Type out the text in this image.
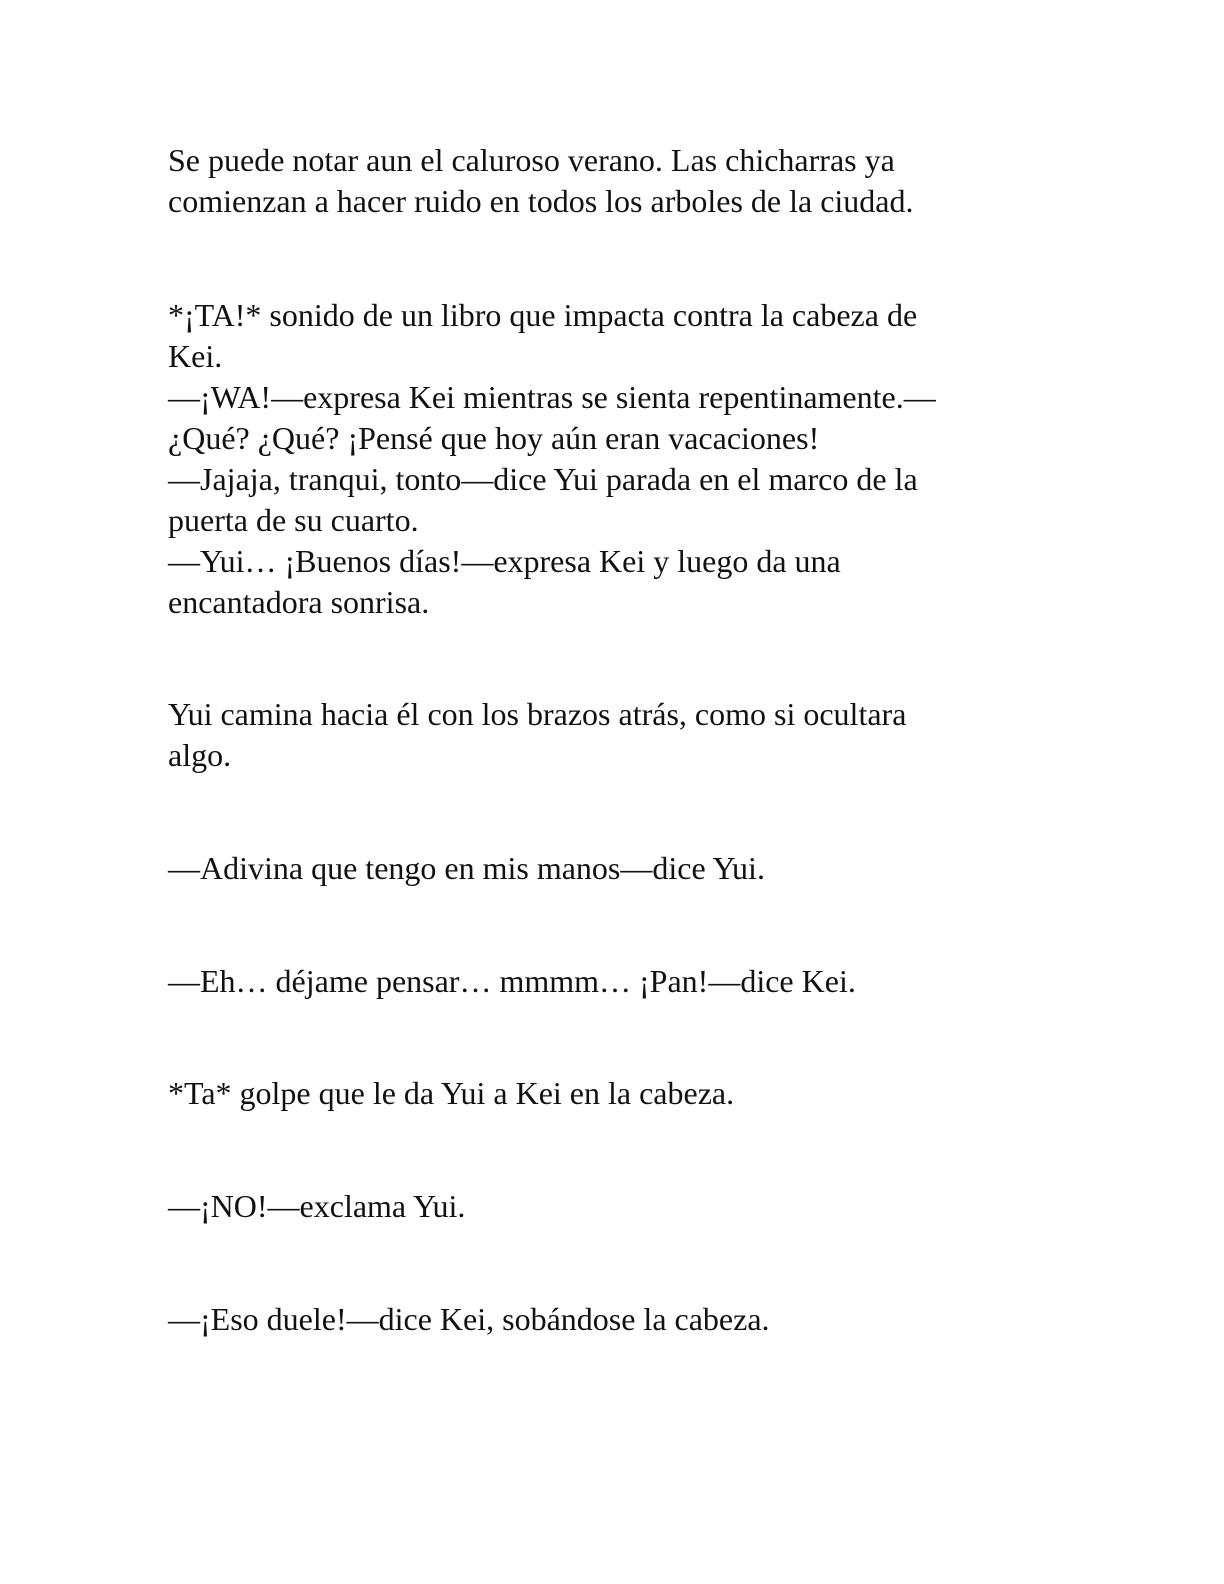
Se puede notar aun el caluroso verano. Las chicharras ya
comienzan a hacer ruido en todos los arboles de la ciudad.

*¡TA!* sonido de un libro que impacta contra la cabeza de
Kei.
—¡WA!—expresa Kei mientras se sienta repentinamente.—
¿Qué? ¿Qué? ¡Pensé que hoy aún eran vacaciones!
—Jajaja, tranqui, tonto—dice Yui parada en el marco de la
puerta de su cuarto.
—Yui… ¡Buenos días!—expresa Kei y luego da una
encantadora sonrisa.

Yui camina hacia él con los brazos atrás, como si ocultara
algo.

—Adivina que tengo en mis manos—dice Yui.

—Eh… déjame pensar… mmmm… ¡Pan!—dice Kei.

*Ta* golpe que le da Yui a Kei en la cabeza.

—¡NO!—exclama Yui.

—¡Eso duele!—dice Kei, sobándose la cabeza.
